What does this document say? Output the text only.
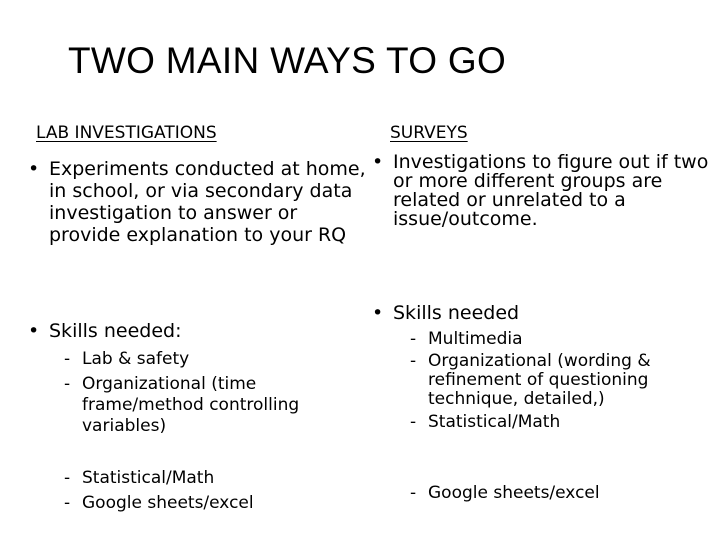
TWO MAIN WAYS TO GO
LAB INVESTIGATIONS
• Experiments conducted at home, in school, or via secondary data investigation to answer or provide explanation to your RQ
• Skills needed:
- Lab & safety
- Organizational (time frame/method controlling variables)
- Statistical/Math
- Google sheets/excel
SURVEYS
• Investigations to figure out if two or more different groups are related or unrelated to a issue/outcome.
• Skills needed
- Multimedia
- Organizational (wording & refinement of questioning technique, detailed,)
- Statistical/Math
- Google sheets/excel
